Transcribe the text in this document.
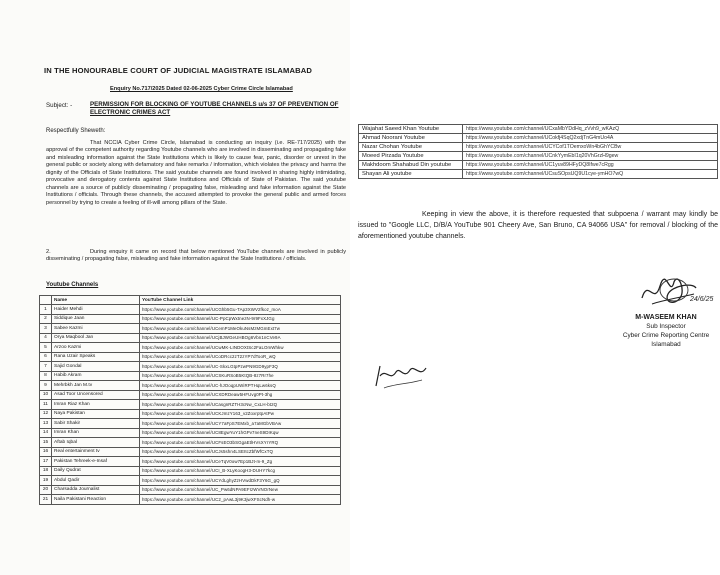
IN THE HONOURABLE COURT OF JUDICIAL MAGISTRATE ISLAMABAD
Enquiry No.717/2025 Dated 02-06-2025 Cyber Crime Circle Islamabad
Subject: -	PERMISSION FOR BLOCKING OF YOUTUBE CHANNELS u/s 37 OF PREVENTION OF ELECTRONIC CRIMES ACT
Respectfully Sheweth:
That NCCIA Cyber Crime Circle, Islamabad is conducting an inquiry (i.e. RE-717/2025) with the approval of the competent authority regarding Youtube channels who are involved in disseminating and propagating fake and misleading information against the State Institutions which is likely to cause fear, panic, disorder or unrest in the general public or society along with defamatory and fake remarks / information, which violates the privacy and harms the dignity of the Officials of State Institutions. The said youtube channels are found involved in sharing highly intimidating, provocative and derogatory contents against State Institutions and Officials of State of Pakistan. The said youtube channels are a source of publicly disseminating / propagating false, misleading and fake information against the State Institutions / officials. Through these channels, the accused attempted to provoke the general public and armed forces personnel by trying to create a feeling of ill-will among pillars of the State.
2.	During enquiry it came on record that below mentioned YouTube channels are involved in publicly disseminating / propagating false, misleading and fake information against the State Institutions / officials.
Youtube Channels
	Name	YouTube Channel Link
1	Haider Mehdi	https://www.youtube.com/channel/UCGhb5Gu-TAp3XWV2fkoz_moA
2	Siddique Jaan	https://www.youtube.com/channel/UC-PpCpWxtnezN-9r9FxXJGg
3	Sabee Kazmi	https://www.youtube.com/channel/UCemP1MeOkuNsMzMGmExt7w
4	Orya Maqbool Jan	https://www.youtube.com/channel/UCjBJWGeUHBOg6Vbn1nCVe9A
5	Arzoo Kazmi	https://www.youtube.com/channel/UCwMK-LINDOXtSc2FaLOmWhkw
6	Rana Uzair Speaks	https://www.youtube.com/channel/UCoDRcc2zT2zYP7dTooR_wQ
7	Sajid Gondal	https://www.youtube.com/channel/UC-SkxLGtpPzwPN9GD9ypF3Q
8	Habib Akram	https://www.youtube.com/channel/UCSKuRSoB5KtQB-8z7Rr7he
9	Mehrbkh Jan M.tv	https://www.youtube.com/channel/UC-hJOoqpUWiRPTHqLw6ksQ
10	Asad Toor Uncensored	https://www.youtube.com/channel/UCXDRDeaw5HFUvg0Pt-3hg
11	Imran Riaz Khan	https://www.youtube.com/channel/UCasgnRZTH3cNw_CxLH-bt2Q
12	Naya Pakistan	https://www.youtube.com/channel/UCKJmzY163_v2ZoxrptpAtPw
13	Sabir Shakir	https://www.youtube.com/channel/UCY7aFpS7EMxb_a7aMGbVBAw
14	Imran Khan	https://www.youtube.com/channel/UC8EgwYuY1hGPv7neS9DIKqw
15	Aftab Iqbal	https://www.youtube.com/channel/UCFsEO3bSGgaEtlHVsXYrYRQ
16	Real entertainment tv	https://www.youtube.com/channel/UCJs5shn4LSEItcZbfWfCxTQ
17	Pakistan Tehreek-e-Insaf	https://www.youtube.com/channel/UCeTqV0ow7Ep1BJt-m-9_Zg
18	Daily Qudrat	https://www.youtube.com/channel/UCI_B-XLyKoogH3-DUHY7kcg
19	Abdul Qadir	https://www.youtube.com/channel/UCYdLghyZzHVwdDkF3Y6G_gQ
20	Charsadda Journalist	https://www.youtube.com/channel/UC_Pw6dNPA9EFIzWVNOrNew
21	Naila Pakistani Reaction	https://www.youtube.com/channel/UC2_pAwL3j9K3jwXFScNdh-w
Wajahat Saeed Khan Youtube	https://www.youtube.com/channel/UCxaMbYDdHq_zVvh9_wKAzQ
Ahmad Noorani Youtube	https://www.youtube.com/channel/UCokfj4SqQ2xdjTnG4mUo4A
Nazar Chohan Youtube	https://www.youtube.com/channel/UCYCof1TOemxoWn4bGhYCBw
Moeed Pirzada Youtube	https://www.youtube.com/channel/UCnkYymEbI1q20VhGrzH9gew
Makhdoom Shahabud Din youtube	https://www.youtube.com/channel/UC1yuv89HFyDQ8Ifwe7cRgg
Shayan Ali youtube	https://www.youtube.com/channel/UCsuSOpsUQ9U1cye-ymHO7wQ
Keeping in view the above, it is therefore requested that subpoena / warrant may kindly be issued to "Google LLC, D/B/A YouTube 901 Cheery Ave, San Bruno, CA 94066 USA" for removal / blocking of the aforementioned youtube channels.
24/6/25
M-WASEEM KHAN
Sub Inspector
Cyber Crime Reporting Centre
Islamabad
